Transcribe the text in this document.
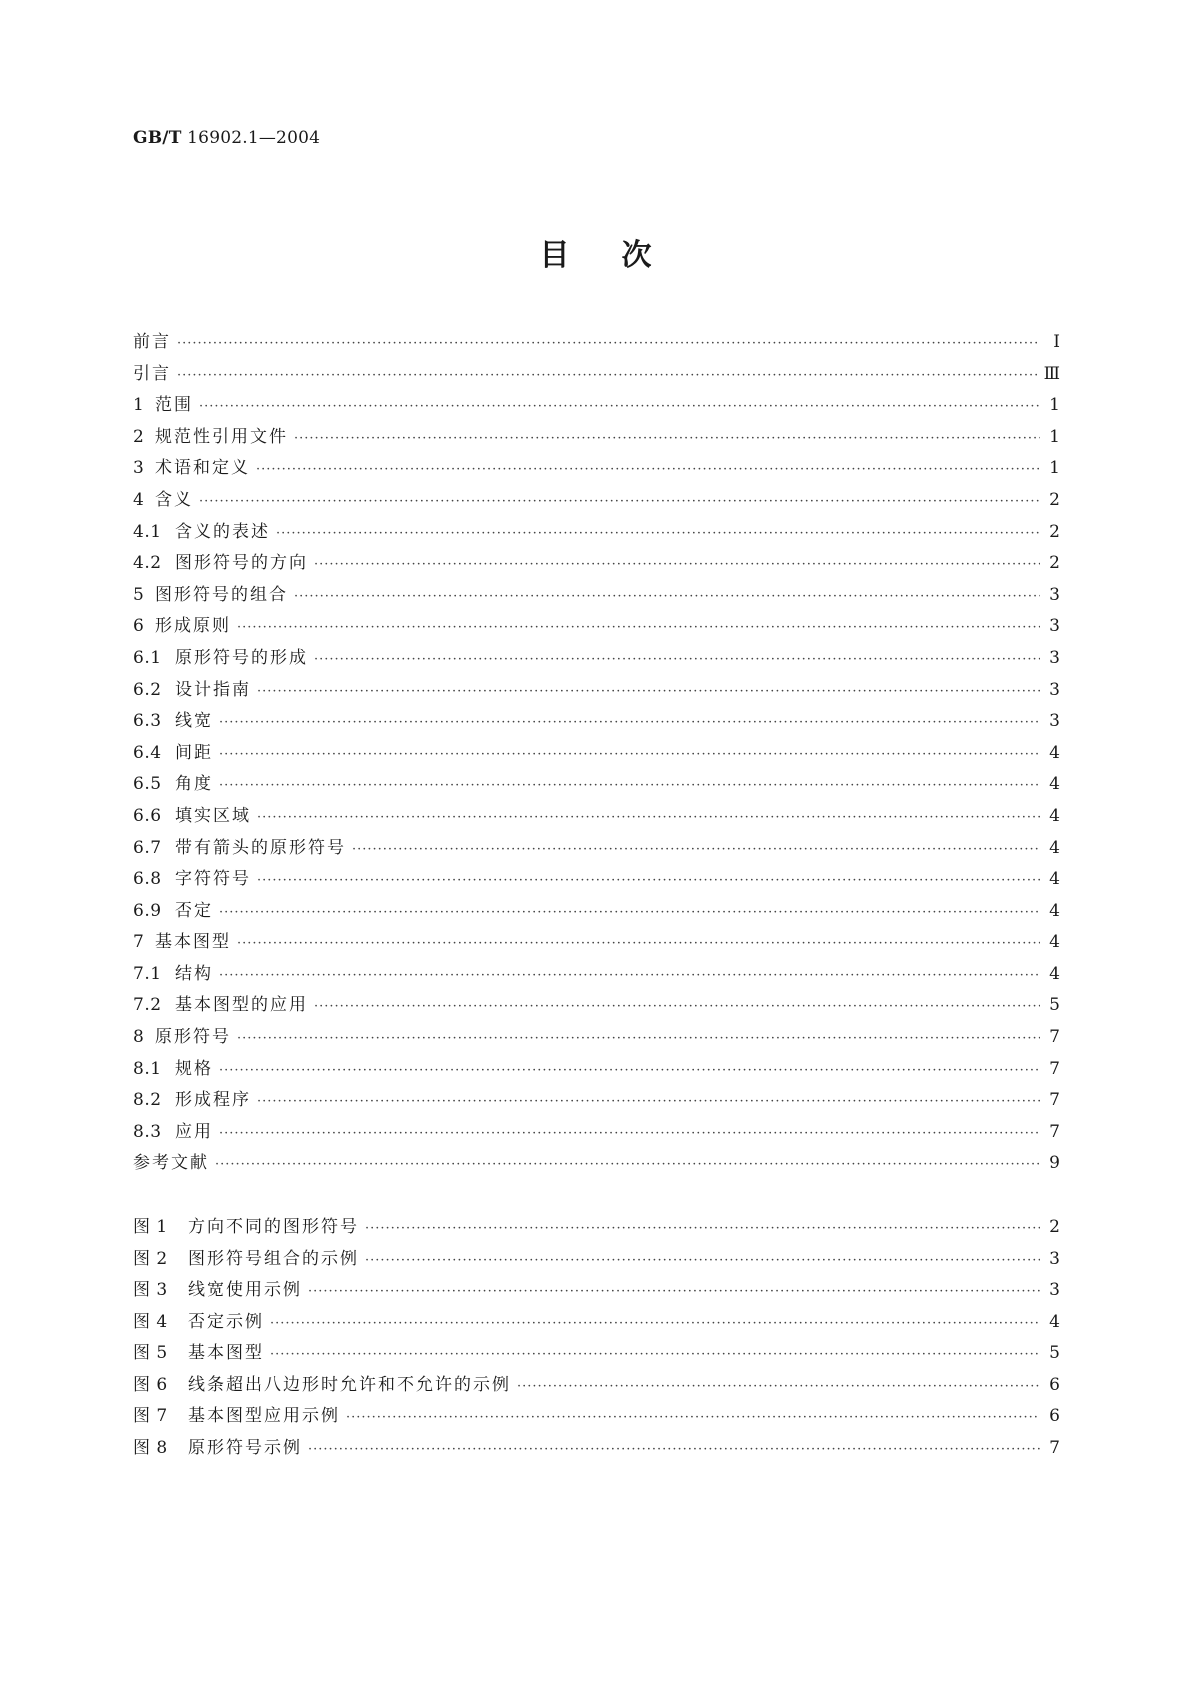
GB/T 16902.1—2004
目次
前言 ·····	Ⅰ
引言 ·····	Ⅲ
1 范围 ·····	1
2 规范性引用文件 ·····	1
3 术语和定义 ·····	1
4 含义 ·····	2
4.1 含义的表述 ·····	2
4.2 图形符号的方向 ·····	2
5 图形符号的组合 ·····	3
6 形成原则 ·····	3
6.1 原形符号的形成 ·····	3
6.2 设计指南 ·····	3
6.3 线宽 ·····	3
6.4 间距 ·····	4
6.5 角度 ·····	4
6.6 填实区域 ·····	4
6.7 带有箭头的原形符号 ·····	4
6.8 字符符号 ·····	4
6.9 否定 ·····	4
7 基本图型 ·····	4
7.1 结构 ·····	4
7.2 基本图型的应用 ·····	5
8 原形符号 ·····	7
8.1 规格 ·····	7
8.2 形成程序 ·····	7
8.3 应用 ·····	7
参考文献 ·····	9
图 1	方向不同的图形符号 ·····	2
图 2	图形符号组合的示例 ·····	3
图 3	线宽使用示例 ·····	3
图 4	否定示例 ·····	4
图 5	基本图型 ·····	5
图 6	线条超出八边形时允许和不允许的示例 ·····	6
图 7	基本图型应用示例 ·····	6
图 8	原形符号示例 ·····	7
